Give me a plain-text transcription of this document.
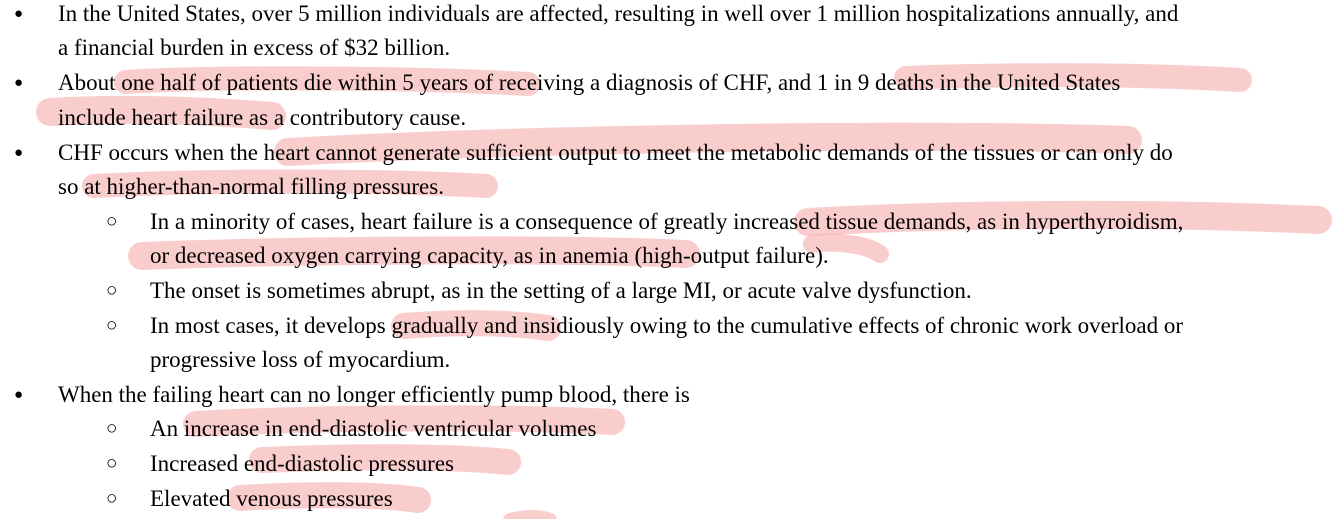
● In the United States, over 5 million individuals are affected, resulting in well over 1 million hospitalizations annually, and
a financial burden in excess of $32 billion.
● About one half of patients die within 5 years of receiving a diagnosis of CHF, and 1 in 9 deaths in the United States
include heart failure as a contributory cause.
● CHF occurs when the heart cannot generate sufficient output to meet the metabolic demands of the tissues or can only do
so at higher-than-normal filling pressures.
○ In a minority of cases, heart failure is a consequence of greatly increased tissue demands, as in hyperthyroidism,
or decreased oxygen carrying capacity, as in anemia (high-output failure).
○ The onset is sometimes abrupt, as in the setting of a large MI, or acute valve dysfunction.
○ In most cases, it develops gradually and insidiously owing to the cumulative effects of chronic work overload or
progressive loss of myocardium.
● When the failing heart can no longer efficiently pump blood, there is
○ An increase in end-diastolic ventricular volumes
○ Increased end-diastolic pressures
○ Elevated venous pressures
